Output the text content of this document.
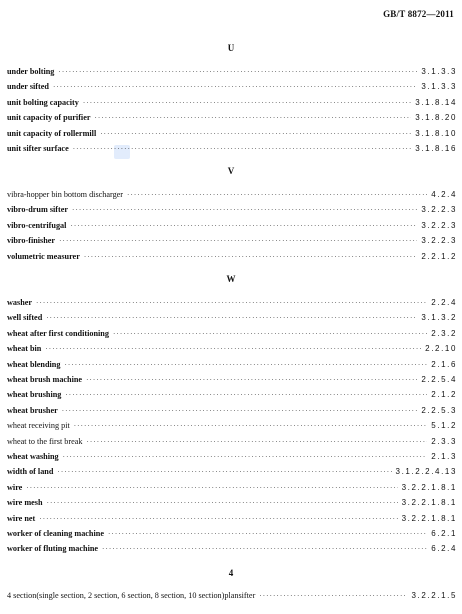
GB/T 8872—2011
U
under bolting ·····	3.1.3.3
under sifted ·····	3.1.3.3
unit bolting capacity ·····	3.1.8.14
unit capacity of purifier ·····	3.1.8.20
unit capacity of rollermill ·····	3.1.8.10
unit sifter surface ·····	3.1.8.16
V
vibra-hopper bin bottom discharger ·····	4.2.4
vibro-drum sifter ·····	3.2.2.3
vibro-centrifugal ·····	3.2.2.3
vibro-finisher ·····	3.2.2.3
volumetric measurer ·····	2.2.1.2
W
washer ·····	2.2.4
well sifted ·····	3.1.3.2
wheat after first conditioning ·····	2.3.2
wheat bin ·····	2.2.10
wheat blending ·····	2.1.6
wheat brush machine ·····	2.2.5.4
wheat brushing ·····	2.1.2
wheat brusher ·····	2.2.5.3
wheat receiving pit ·····	5.1.2
wheat to the first break ·····	2.3.3
wheat washing ·····	2.1.3
width of land ·····	3.1.2.2.4.13
wire ·····	3.2.2.1.8.1
wire mesh ·····	3.2.2.1.8.1
wire net ·····	3.2.2.1.8.1
worker of cleaning machine ·····	6.2.1
worker of fluting machine ·····	6.2.4
4
4 section(single section, 2 section, 6 section, 8 section, 10 section)plansifter ·····	3.2.2.1.5
